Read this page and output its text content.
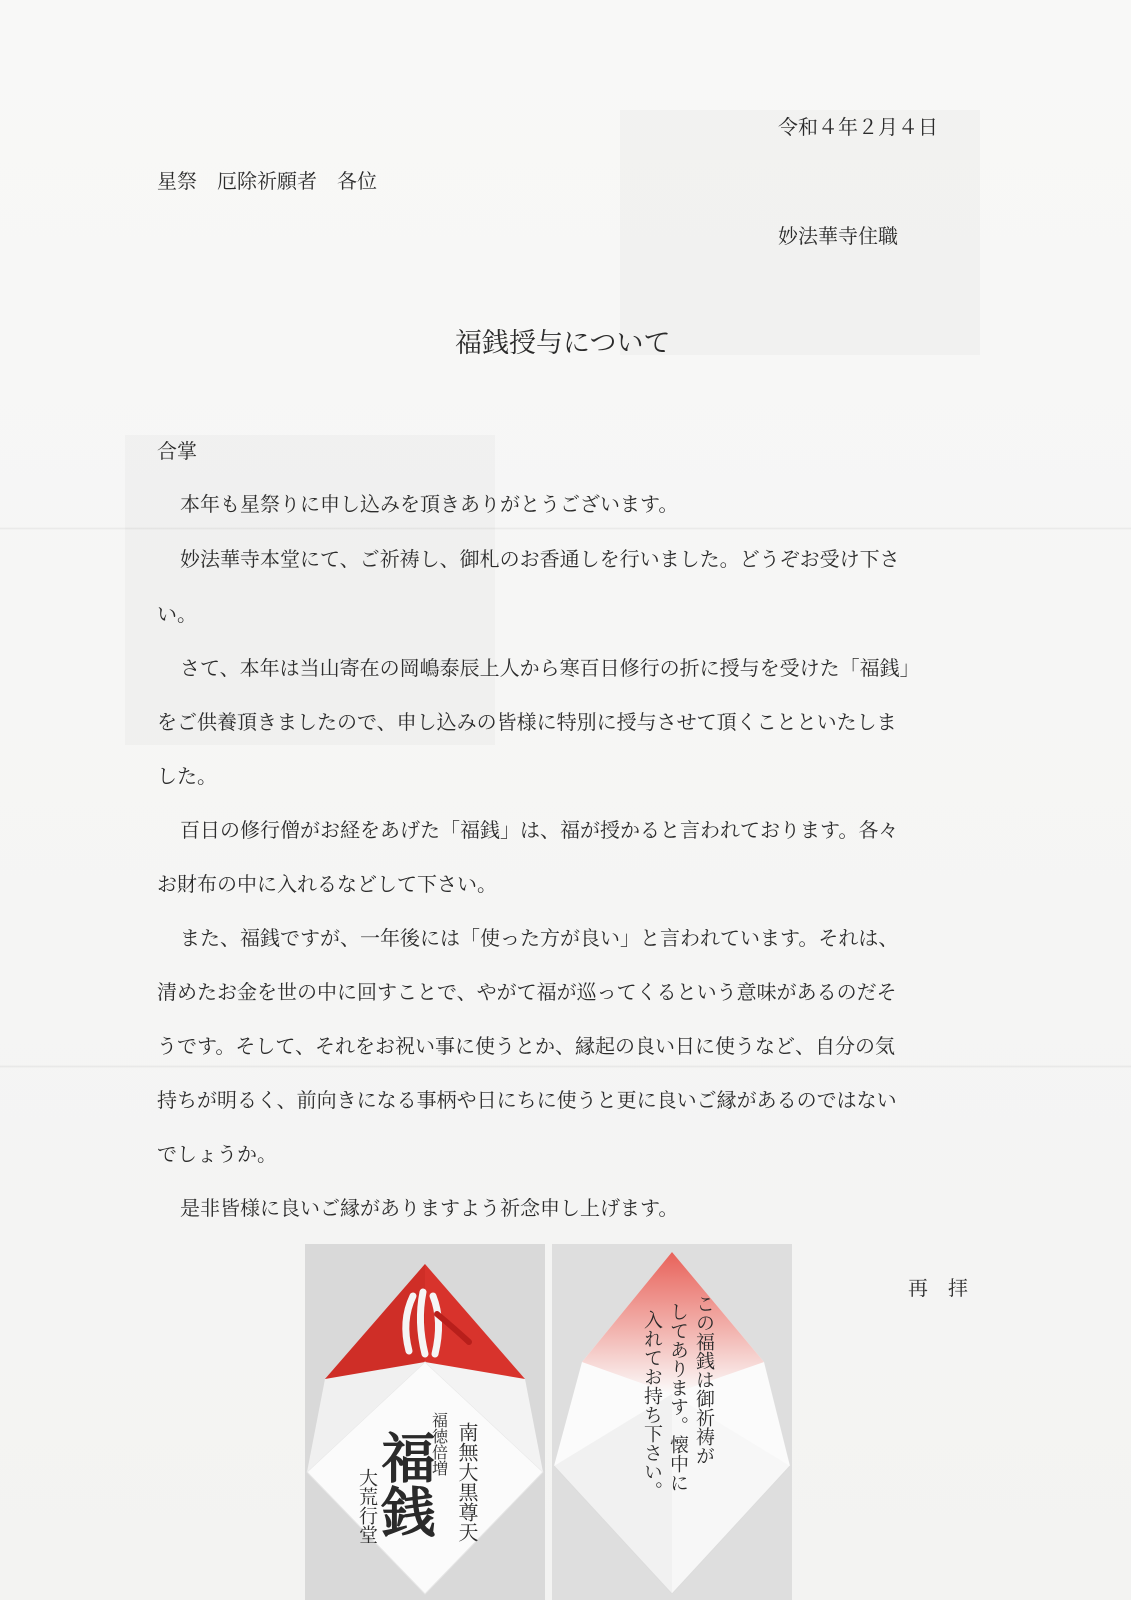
令和４年２月４日
星祭　厄除祈願者　各位
妙法華寺住職
福銭授与について
合掌
本年も星祭りに申し込みを頂きありがとうございます。
妙法華寺本堂にて、ご祈祷し、御札のお香通しを行いました。どうぞお受け下さ
い。
さて、本年は当山寄在の岡嶋泰辰上人から寒百日修行の折に授与を受けた「福銭」
をご供養頂きましたので、申し込みの皆様に特別に授与させて頂くことといたしま
した。
百日の修行僧がお経をあげた「福銭」は、福が授かると言われております。各々
お財布の中に入れるなどして下さい。
また、福銭ですが、一年後には「使った方が良い」と言われています。それは、
清めたお金を世の中に回すことで、やがて福が巡ってくるという意味があるのだそ
うです。そして、それをお祝い事に使うとか、縁起の良い日に使うなど、自分の気
持ちが明るく、前向きになる事柄や日にちに使うと更に良いご縁があるのではない
でしょうか。
是非皆様に良いご縁がありますよう祈念申し上げます。
再　拝
南無大黒尊天
福徳倍増
福銭
大荒行堂
この福銭は御祈祷が
してあります。懐中に
入れてお持ち下さい。
